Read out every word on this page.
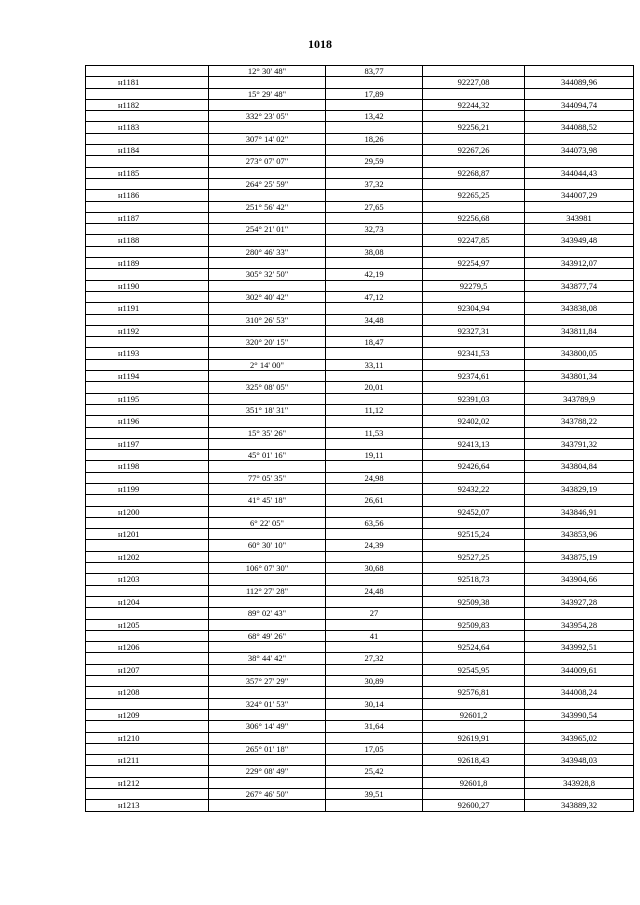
1018
	12° 30' 48"	83,77		
н1181			92227,08	344089,96
	15° 29' 48"	17,89		
н1182			92244,32	344094,74
	332° 23' 05"	13,42		
н1183			92256,21	344088,52
	307° 14' 02"	18,26		
н1184			92267,26	344073,98
	273° 07' 07"	29,59		
н1185			92268,87	344044,43
	264° 25' 59"	37,32		
н1186			92265,25	344007,29
	251° 56' 42"	27,65		
н1187			92256,68	343981
	254° 21' 01"	32,73		
н1188			92247,85	343949,48
	280° 46' 33"	38,08		
н1189			92254,97	343912,07
	305° 32' 50"	42,19		
н1190			92279,5	343877,74
	302° 40' 42"	47,12		
н1191			92304,94	343838,08
	310° 26' 53"	34,48		
н1192			92327,31	343811,84
	320° 20' 15"	18,47		
н1193			92341,53	343800,05
	2° 14' 00"	33,11		
н1194			92374,61	343801,34
	325° 08' 05"	20,01		
н1195			92391,03	343789,9
	351° 18' 31"	11,12		
н1196			92402,02	343788,22
	15° 35' 26"	11,53		
н1197			92413,13	343791,32
	45° 01' 16"	19,11		
н1198			92426,64	343804,84
	77° 05' 35"	24,98		
н1199			92432,22	343829,19
	41° 45' 18"	26,61		
н1200			92452,07	343846,91
	6° 22' 05"	63,56		
н1201			92515,24	343853,96
	60° 30' 10"	24,39		
н1202			92527,25	343875,19
	106° 07' 30"	30,68		
н1203			92518,73	343904,66
	112° 27' 28"	24,48		
н1204			92509,38	343927,28
	89° 02' 43"	27		
н1205			92509,83	343954,28
	68° 49' 26"	41		
н1206			92524,64	343992,51
	38° 44' 42"	27,32		
н1207			92545,95	344009,61
	357° 27' 29"	30,89		
н1208			92576,81	344008,24
	324° 01' 53"	30,14		
н1209			92601,2	343990,54
	306° 14' 49"	31,64		
н1210			92619,91	343965,02
	265° 01' 18"	17,05		
н1211			92618,43	343948,03
	229° 08' 49"	25,42		
н1212			92601,8	343928,8
	267° 46' 50"	39,51		
н1213			92600,27	343889,32
